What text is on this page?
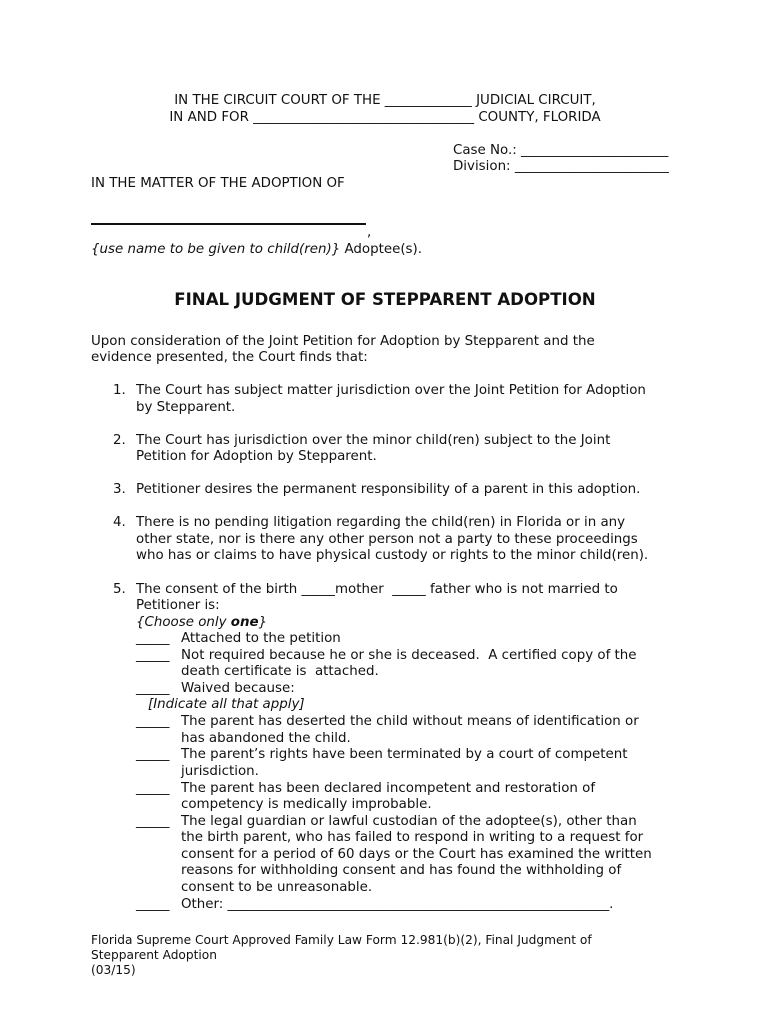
IN THE CIRCUIT COURT OF THE _____________ JUDICIAL CIRCUIT,
IN AND FOR _________________________________ COUNTY, FLORIDA
Case No.: ______________________
Division: _______________________
IN THE MATTER OF THE ADOPTION OF
,
{use name to be given to child(ren)} Adoptee(s).
FINAL JUDGMENT OF STEPPARENT ADOPTION
Upon consideration of the Joint Petition for Adoption by Stepparent and the
evidence presented, the Court finds that:
1. The Court has subject matter jurisdiction over the Joint Petition for Adoption
by Stepparent.
2. The Court has jurisdiction over the minor child(ren) subject to the Joint
Petition for Adoption by Stepparent.
3. Petitioner desires the permanent responsibility of a parent in this adoption.
4. There is no pending litigation regarding the child(ren) in Florida or in any
other state, nor is there any other person not a party to these proceedings
who has or claims to have physical custody or rights to the minor child(ren).
5. The consent of the birth _____mother  _____ father who is not married to
Petitioner is:
{Choose only one}
_____ Attached to the petition
_____ Not required because he or she is deceased.  A certified copy of the
death certificate is  attached.
_____ Waived because:
[Indicate all that apply]
_____ The parent has deserted the child without means of identification or
has abandoned the child.
_____ The parent’s rights have been terminated by a court of competent
jurisdiction.
_____ The parent has been declared incompetent and restoration of
competency is medically improbable.
_____ The legal guardian or lawful custodian of the adoptee(s), other than
the birth parent, who has failed to respond in writing to a request for
consent for a period of 60 days or the Court has examined the written
reasons for withholding consent and has found the withholding of
consent to be unreasonable.
_____ Other: _________________________________________________________.
Florida Supreme Court Approved Family Law Form 12.981(b)(2), Final Judgment of
Stepparent Adoption
(03/15)
